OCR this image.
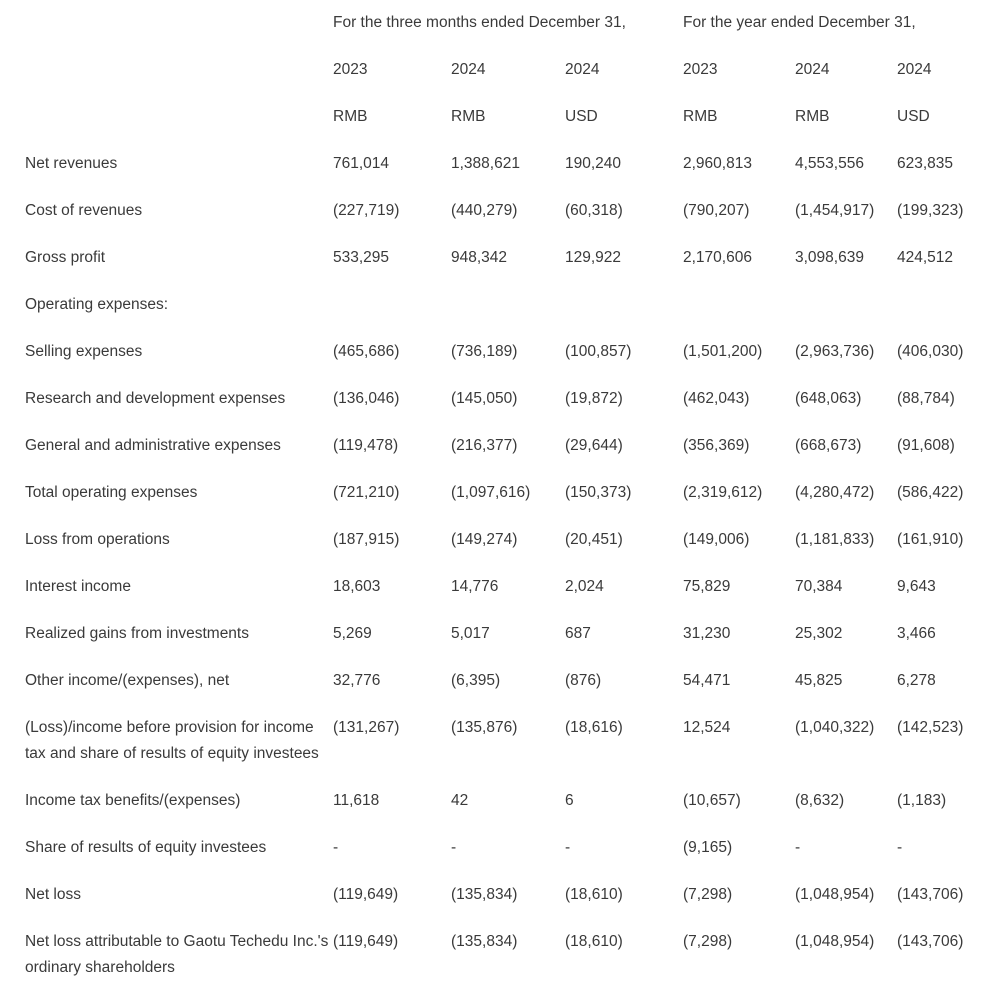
	For the three months ended December 31,			For the year ended December 31,		
	2023	2024	2024	2023	2024	2024
	RMB	RMB	USD	RMB	RMB	USD
Net revenues	761,014	1,388,621	190,240	2,960,813	4,553,556	623,835
Cost of revenues	(227,719)	(440,279)	(60,318)	(790,207)	(1,454,917)	(199,323)
Gross profit	533,295	948,342	129,922	2,170,606	3,098,639	424,512
Operating expenses:						
Selling expenses	(465,686)	(736,189)	(100,857)	(1,501,200)	(2,963,736)	(406,030)
Research and development expenses	(136,046)	(145,050)	(19,872)	(462,043)	(648,063)	(88,784)
General and administrative expenses	(119,478)	(216,377)	(29,644)	(356,369)	(668,673)	(91,608)
Total operating expenses	(721,210)	(1,097,616)	(150,373)	(2,319,612)	(4,280,472)	(586,422)
Loss from operations	(187,915)	(149,274)	(20,451)	(149,006)	(1,181,833)	(161,910)
Interest income	18,603	14,776	2,024	75,829	70,384	9,643
Realized gains from investments	5,269	5,017	687	31,230	25,302	3,466
Other income/(expenses), net	32,776	(6,395)	(876)	54,471	45,825	6,278
(Loss)/income before provision for income tax and share of results of equity investees	(131,267)	(135,876)	(18,616)	12,524	(1,040,322)	(142,523)
Income tax benefits/(expenses)	11,618	42	6	(10,657)	(8,632)	(1,183)
Share of results of equity investees	-	-	-	(9,165)	-	-
Net loss	(119,649)	(135,834)	(18,610)	(7,298)	(1,048,954)	(143,706)
Net loss attributable to Gaotu Techedu Inc.'s ordinary shareholders	(119,649)	(135,834)	(18,610)	(7,298)	(1,048,954)	(143,706)
